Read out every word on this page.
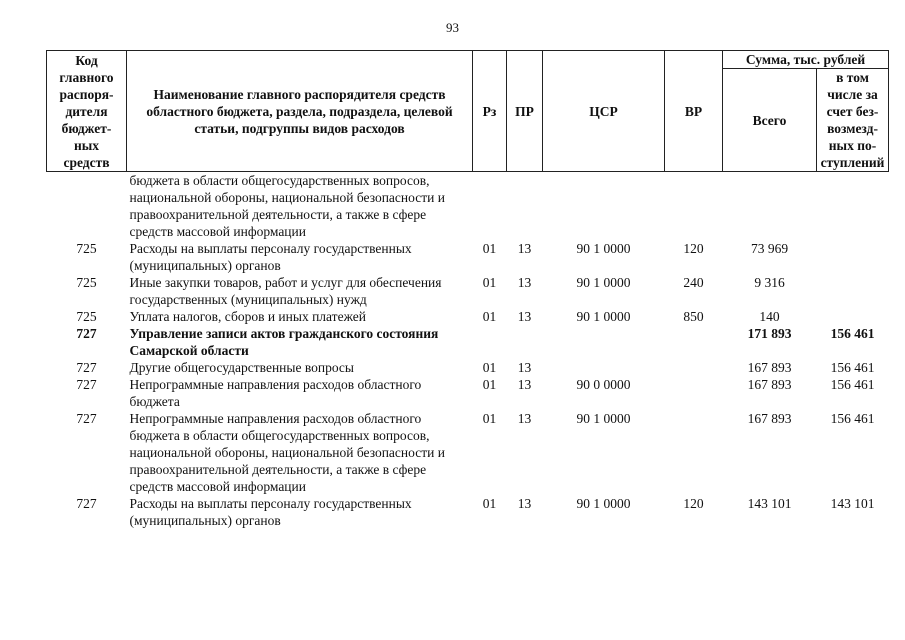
93
Код главного распоря-дителя бюджет-ных средств	Наименование главного распорядителя средств областного бюджета, раздела, подраздела, целевой статьи, подгруппы видов расходов	Рз	ПР	ЦСР	ВР	Сумма, тыс. рублей	
						Всего	в том числе за счет без-возмезд-ных по-ступлений
	бюджета в области общегосударственных вопросов, национальной обороны, национальной безопасности и правоохранительной деятельности, а также в сфере средств массовой информации						
725	Расходы на выплаты персоналу государственных (муниципальных) органов	01	13	90 1 0000	120	73 969	
725	Иные закупки товаров, работ и услуг для обеспечения государственных (муниципальных) нужд	01	13	90 1 0000	240	9 316	
725	Уплата налогов, сборов и иных платежей	01	13	90 1 0000	850	140	
727	Управление записи актов гражданского состояния Самарской области					171 893	156 461
727	Другие общегосударственные вопросы	01	13			167 893	156 461
727	Непрограммные направления расходов областного бюджета	01	13	90 0 0000		167 893	156 461
727	Непрограммные направления расходов областного бюджета в области общегосударственных вопросов, национальной обороны, национальной безопасности и правоохранительной деятельности, а также в сфере средств массовой информации	01	13	90 1 0000		167 893	156 461
727	Расходы на выплаты персоналу государственных (муниципальных) органов	01	13	90 1 0000	120	143 101	143 101
